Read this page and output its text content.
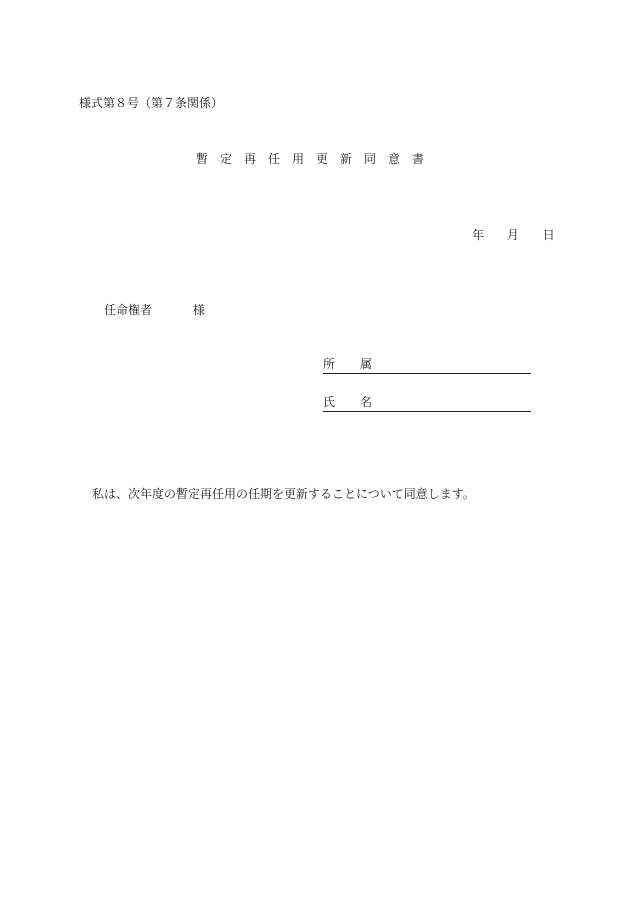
様式第８号（第７条関係）
暫定再任用更新同意書
年 月 日
任命権者	様
所 属
氏 名
私は、次年度の暫定再任用の任期を更新することについて同意します。
